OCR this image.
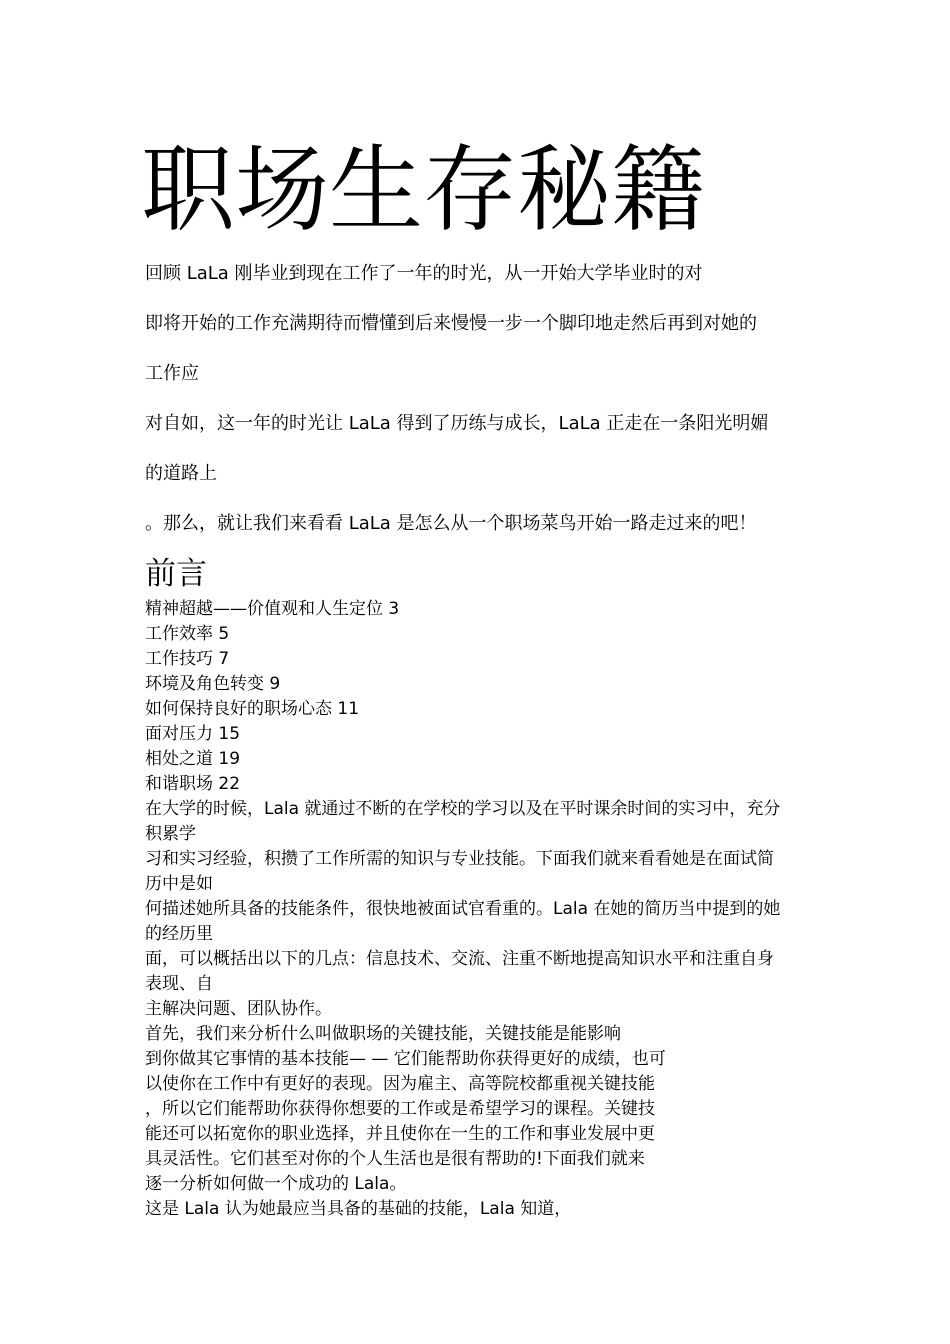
职场生存秘籍
回顾 LaLa 刚毕业到现在工作了一年的时光，从一开始大学毕业时的对
即将开始的工作充满期待而懵懂到后来慢慢一步一个脚印地走然后再到对她的
工作应
对自如，这一年的时光让 LaLa 得到了历练与成长，LaLa 正走在一条阳光明媚
的道路上
。那么，就让我们来看看 LaLa 是怎么从一个职场菜鸟开始一路走过来的吧！
前言
精神超越——价值观和人生定位 3
工作效率 5
工作技巧 7
环境及角色转变 9
如何保持良好的职场心态 11
面对压力 15
相处之道 19
和谐职场 22
在大学的时候，Lala 就通过不断的在学校的学习以及在平时课余时间的实习中，充分
积累学
习和实习经验，积攒了工作所需的知识与专业技能。下面我们就来看看她是在面试简
历中是如
何描述她所具备的技能条件，很快地被面试官看重的。Lala 在她的简历当中提到的她
的经历里
面，可以概括出以下的几点：信息技术、交流、注重不断地提高知识水平和注重自身
表现、自
主解决问题、团队协作。
首先，我们来分析什么叫做职场的关键技能，关键技能是能影响
到你做其它事情的基本技能— — 它们能帮助你获得更好的成绩，也可
以使你在工作中有更好的表现。因为雇主、高等院校都重视关键技能
，所以它们能帮助你获得你想要的工作或是希望学习的课程。关键技
能还可以拓宽你的职业选择，并且使你在一生的工作和事业发展中更
具灵活性。它们甚至对你的个人生活也是很有帮助的!下面我们就来
逐一分析如何做一个成功的 Lala。
这是 Lala 认为她最应当具备的基础的技能，Lala 知道，
